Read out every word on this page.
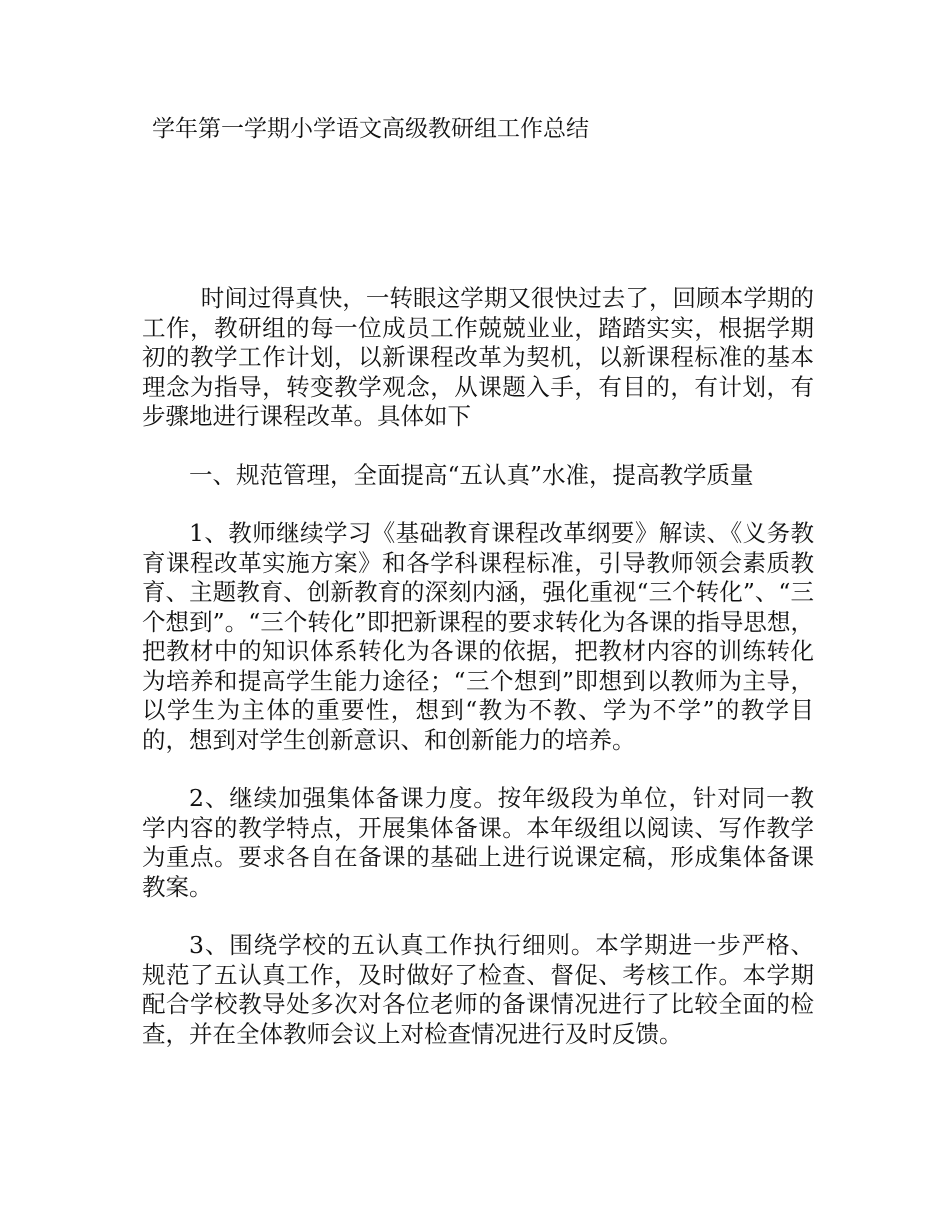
学年第一学期小学语文高级教研组工作总结

时间过得真快，一转眼这学期又很快过去了，回顾本学期的工作，教研组的每一位成员工作兢兢业业，踏踏实实，根据学期初的教学工作计划，以新课程改革为契机，以新课程标准的基本理念为指导，转变教学观念，从课题入手，有目的，有计划，有步骤地进行课程改革。具体如下

一、规范管理，全面提高“五认真”水准，提高教学质量

1、教师继续学习《基础教育课程改革纲要》解读、《义务教育课程改革实施方案》和各学科课程标准，引导教师领会素质教育、主题教育、创新教育的深刻内涵，强化重视“三个转化”、“三个想到”。“三个转化”即把新课程的要求转化为各课的指导思想，把教材中的知识体系转化为各课的依据，把教材内容的训练转化为培养和提高学生能力途径；“三个想到”即想到以教师为主导，以学生为主体的重要性，想到“教为不教、学为不学”的教学目的，想到对学生创新意识、和创新能力的培养。

2、继续加强集体备课力度。按年级段为单位，针对同一教学内容的教学特点，开展集体备课。本年级组以阅读、写作教学为重点。要求各自在备课的基础上进行说课定稿，形成集体备课教案。

3、围绕学校的五认真工作执行细则。本学期进一步严格、规范了五认真工作，及时做好了检查、督促、考核工作。本学期配合学校教导处多次对各位老师的备课情况进行了比较全面的检查，并在全体教师会议上对检查情况进行及时反馈。
